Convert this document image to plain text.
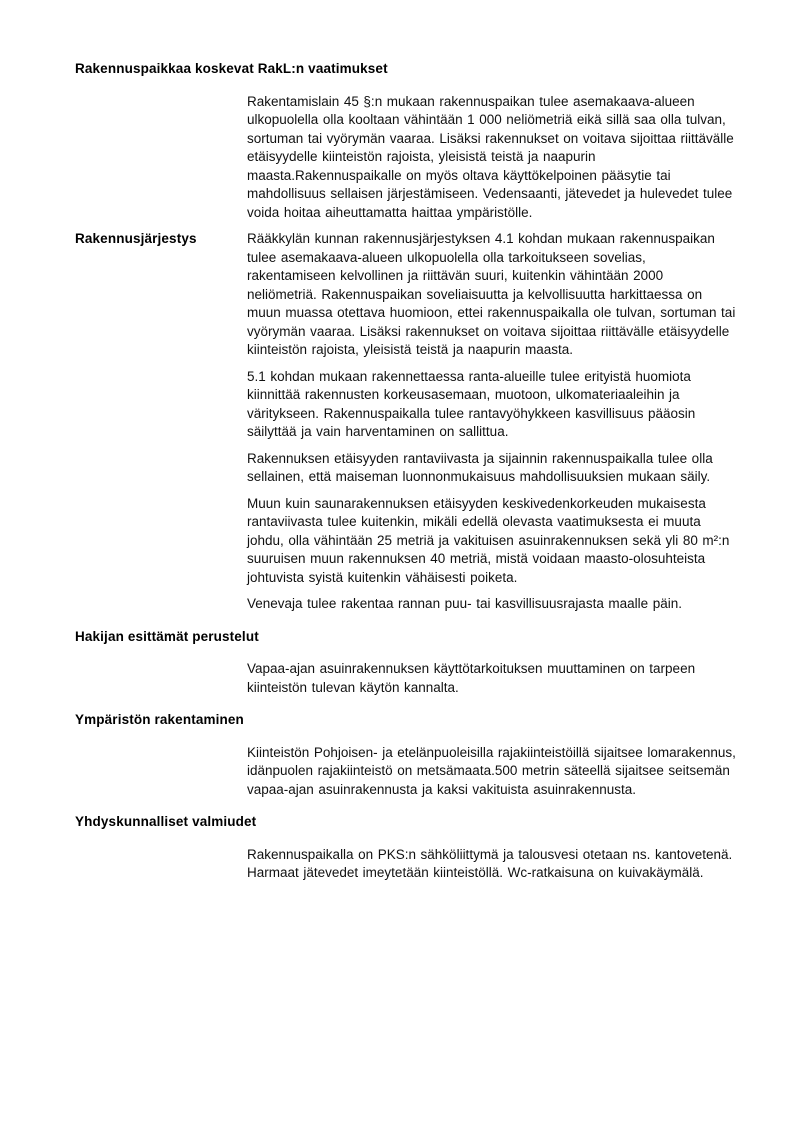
Rakennuspaikkaa koskevat RakL:n vaatimukset

Rakentamislain 45 §:n mukaan rakennuspaikan tulee asemakaava-alueen ulkopuolella olla kooltaan vähintään 1 000 neliömetriä eikä sillä saa olla tulvan, sortuman tai vyörymän vaaraa. Lisäksi rakennukset on voitava sijoittaa riittävälle etäisyydelle kiinteistön rajoista, yleisistä teistä ja naapurin maasta.Rakennuspaikalle on myös oltava käyttökelpoinen pääsytie tai mahdollisuus sellaisen järjestämiseen. Vedensaanti, jätevedet ja hulevedet tulee voida hoitaa aiheuttamatta haittaa ympäristölle.

Rakennusjärjestys	Rääkkylän kunnan rakennusjärjestyksen 4.1 kohdan mukaan rakennuspaikan tulee asemakaava-alueen ulkopuolella olla tarkoitukseen sovelias, rakentamiseen kelvollinen ja riittävän suuri, kuitenkin vähintään 2000 neliömetriä. Rakennuspaikan soveliaisuutta ja kelvollisuutta harkittaessa on muun muassa otettava huomioon, ettei rakennuspaikalla ole tulvan, sortuman tai vyörymän vaaraa. Lisäksi rakennukset on voitava sijoittaa riittävälle etäisyydelle kiinteistön rajoista, yleisistä teistä ja naapurin maasta.

5.1 kohdan mukaan rakennettaessa ranta-alueille tulee erityistä huomiota kiinnittää rakennusten korkeusasemaan, muotoon, ulkomateriaaleihin ja väritykseen. Rakennuspaikalla tulee rantavyöhykkeen kasvillisuus pääosin säilyttää ja vain harventaminen on sallittua.

Rakennuksen etäisyyden rantaviivasta ja sijainnin rakennuspaikalla tulee olla sellainen, että maiseman luonnonmukaisuus mahdollisuuksien mukaan säily.

Muun kuin saunarakennuksen etäisyyden keskivedenkorkeuden mukaisesta rantaviivasta tulee kuitenkin, mikäli edellä olevasta vaatimuksesta ei muuta johdu, olla vähintään 25 metriä ja vakituisen asuinrakennuksen sekä yli 80 m²:n suuruisen muun rakennuksen 40 metriä, mistä voidaan maasto-olosuhteista johtuvista syistä kuitenkin vähäisesti poiketa.

Venevaja tulee rakentaa rannan puu- tai kasvillisuusrajasta maalle päin.

Hakijan esittämät perustelut

Vapaa-ajan asuinrakennuksen käyttötarkoituksen muuttaminen on tarpeen kiinteistön tulevan käytön kannalta.

Ympäristön rakentaminen

Kiinteistön Pohjoisen- ja etelänpuoleisilla rajakiinteistöillä sijaitsee lomarakennus, idänpuolen rajakiinteistö on metsämaata.500 metrin säteellä sijaitsee seitsemän vapaa-ajan asuinrakennusta ja kaksi vakituista asuinrakennusta.

Yhdyskunnalliset valmiudet

Rakennuspaikalla on PKS:n sähköliittymä ja talousvesi otetaan ns. kantovetenä. Harmaat jätevedet imeytetään kiinteistöllä. Wc-ratkaisuna on kuivakäymälä.
